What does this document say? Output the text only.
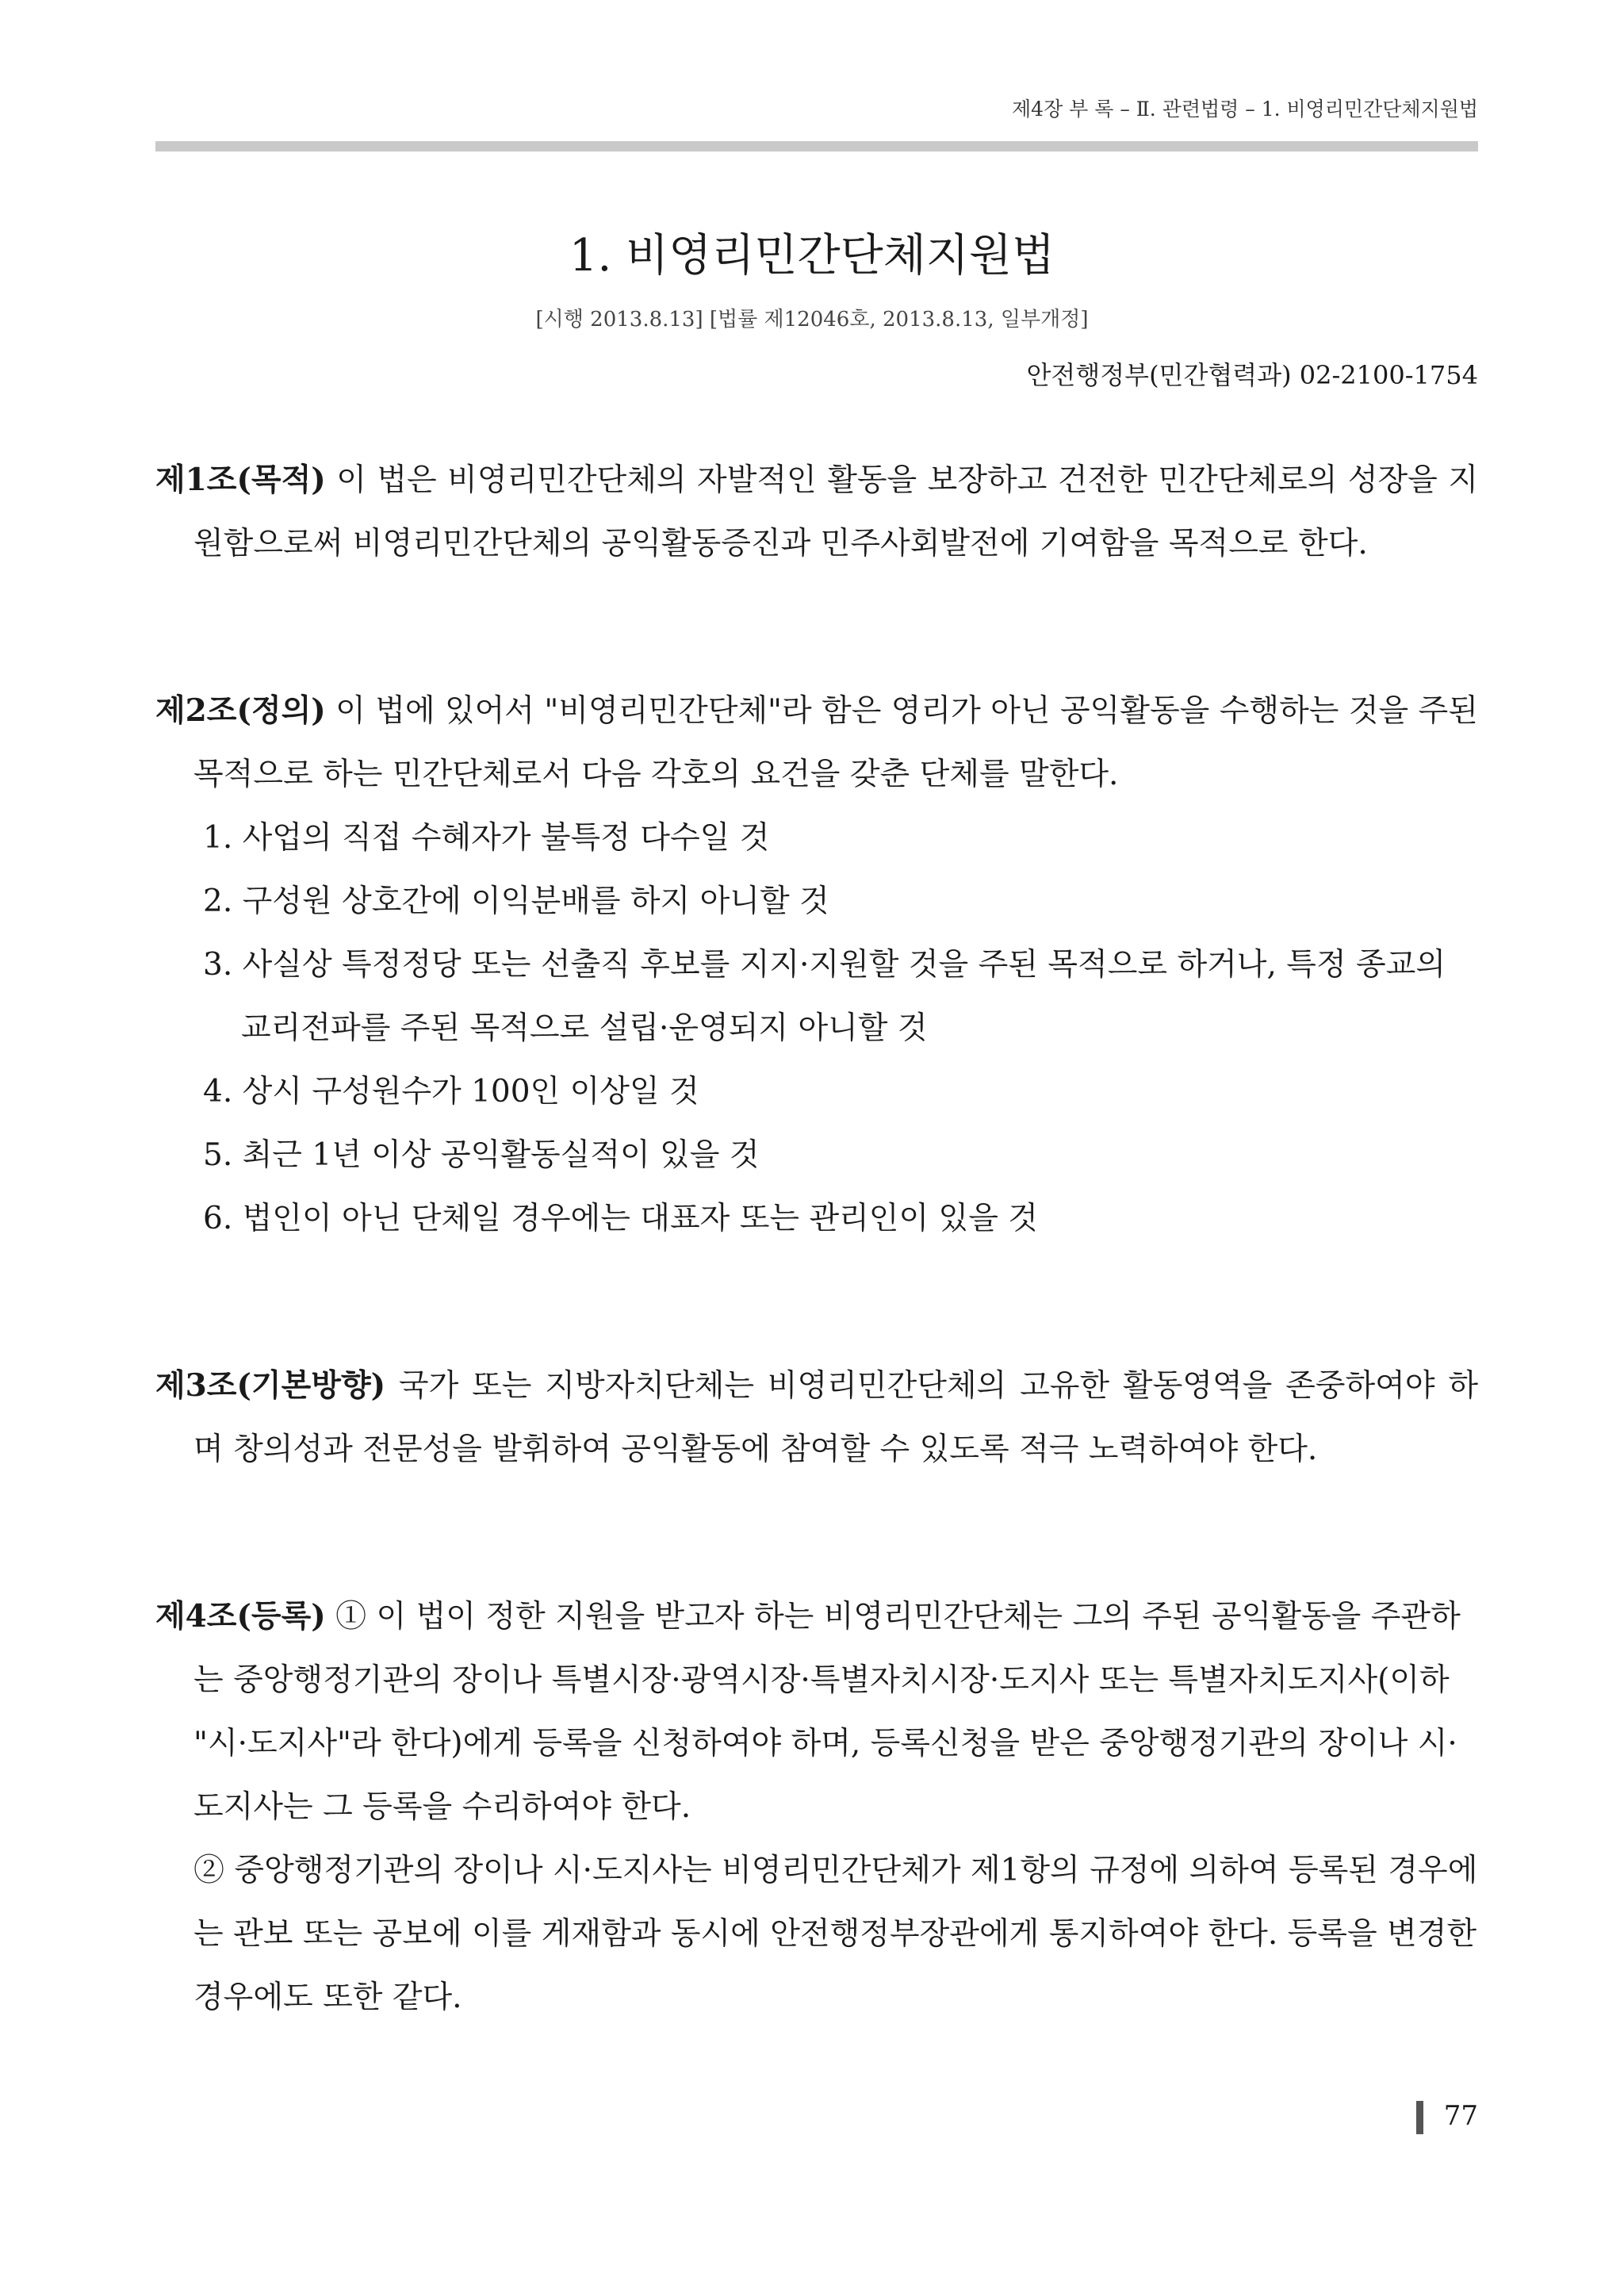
제4장 부 록 – Ⅱ. 관련법령 – 1. 비영리민간단체지원법
1. 비영리민간단체지원법
[시행 2013.8.13] [법률 제12046호, 2013.8.13, 일부개정]
안전행정부(민간협력과) 02-2100-1754

제1조(목적) 이 법은 비영리민간단체의 자발적인 활동을 보장하고 건전한 민간단체로의 성장을 지원함으로써 비영리민간단체의 공익활동증진과 민주사회발전에 기여함을 목적으로 한다.

제2조(정의) 이 법에 있어서 "비영리민간단체"라 함은 영리가 아닌 공익활동을 수행하는 것을 주된 목적으로 하는 민간단체로서 다음 각호의 요건을 갖춘 단체를 말한다.

1. 사업의 직접 수혜자가 불특정 다수일 것

2. 구성원 상호간에 이익분배를 하지 아니할 것

3. 사실상 특정정당 또는 선출직 후보를 지지·지원할 것을 주된 목적으로 하거나, 특정 종교의 교리전파를 주된 목적으로 설립·운영되지 아니할 것

4. 상시 구성원수가 100인 이상일 것

5. 최근 1년 이상 공익활동실적이 있을 것

6. 법인이 아닌 단체일 경우에는 대표자 또는 관리인이 있을 것

제3조(기본방향) 국가 또는 지방자치단체는 비영리민간단체의 고유한 활동영역을 존중하여야 하며 창의성과 전문성을 발휘하여 공익활동에 참여할 수 있도록 적극 노력하여야 한다.

제4조(등록) ① 이 법이 정한 지원을 받고자 하는 비영리민간단체는 그의 주된 공익활동을 주관하는 중앙행정기관의 장이나 특별시장·광역시장·특별자치시장·도지사 또는 특별자치도지사(이하 "시·도지사"라 한다)에게 등록을 신청하여야 하며, 등록신청을 받은 중앙행정기관의 장이나 시·도지사는 그 등록을 수리하여야 한다.

② 중앙행정기관의 장이나 시·도지사는 비영리민간단체가 제1항의 규정에 의하여 등록된 경우에는 관보 또는 공보에 이를 게재함과 동시에 안전행정부장관에게 통지하여야 한다. 등록을 변경한 경우에도 또한 같다.

77
